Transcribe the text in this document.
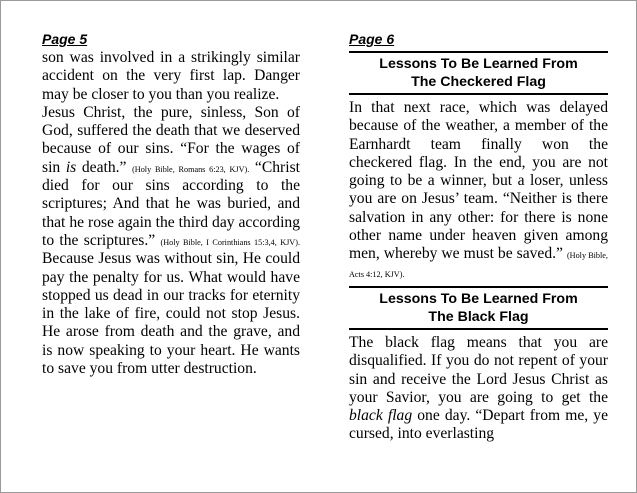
Page 5

son was involved in a strikingly similar accident on the very first lap. Danger may be closer to you than you realize.

Jesus Christ, the pure, sinless, Son of God, suffered the death that we deserved because of our sins. “For the wages of sin is death.” (Holy Bible, Romans 6:23, KJV). “Christ died for our sins according to the scriptures; And that he was buried, and that he rose again the third day according to the scriptures.” (Holy Bible, I Corinthians 15:3,4, KJV). Because Jesus was without sin, He could pay the penalty for us. What would have stopped us dead in our tracks for eternity in the lake of fire, could not stop Jesus. He arose from death and the grave, and is now speaking to your heart. He wants to save you from utter destruction.

Page 6
Lessons To Be Learned From
The Checkered Flag

In that next race, which was delayed because of the weather, a member of the Earnhardt team finally won the checkered flag. In the end, you are not going to be a winner, but a loser, unless you are on Jesus’ team. “Neither is there salvation in any other: for there is none other name under heaven given among men, whereby we must be saved.” (Holy Bible, Acts 4:12, KJV).

Lessons To Be Learned From
The Black Flag

The black flag means that you are disqualified. If you do not repent of your sin and receive the Lord Jesus Christ as your Savior, you are going to get the black flag one day. “Depart from me, ye cursed, into everlasting
